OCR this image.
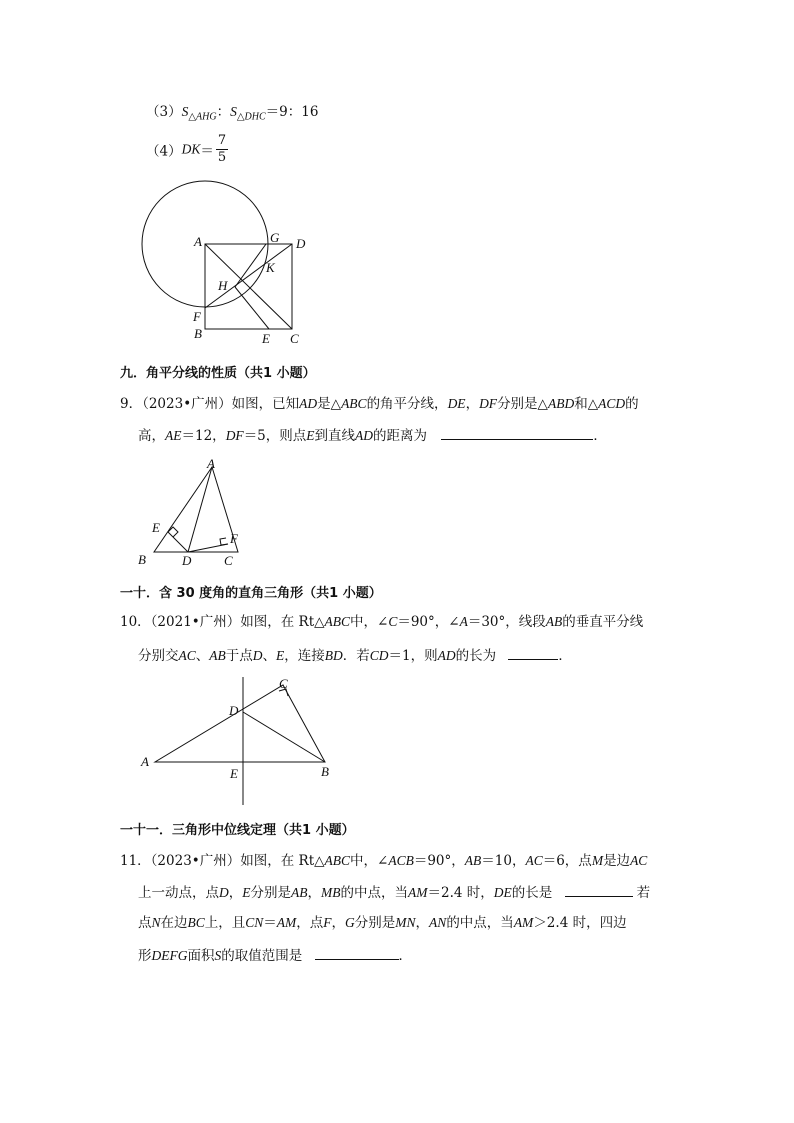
$(3)S_{\triangle AHG}$：$S_{\triangle DHC}=9$：16
$(4)DK= \frac{7}{5}$
A	G D
K
H
F
B	E C
九．角平分线的性质（共1 小题）
9．（2023•广州）如图，已知AD是△ABC的角平分线，DE，DF分别是△ABD和△ACD的
高，AE＝12，DF＝5，则点E到直线AD的距离为	．
A
E
B	D
F
C
一十．含 30 度角的直角三角形（共1 小题）
10．（2021•广州）如图，在 Rt△ABC中，∠C＝90°，∠A＝30°，线段AB的垂直平分线
分别交AC、AB于点D、E，连接BD．若CD＝1，则AD的长为	．
C
D
A
E	B
一十一．三角形中位线定理（共1 小题）
11．（2023•广州）如图，在 Rt△ABC中，∠ACB＝90°，AB＝10，AC＝6，点M是边AC
上一动点，点D，E分别是AB，MB的中点，当AM＝2.4 时，DE的长是	若
点N在边BC上，且CN＝AM，点F，G分别是MN，AN的中点，当AM＞2.4 时，四边
形DEFG面积S的取值范围是	．
